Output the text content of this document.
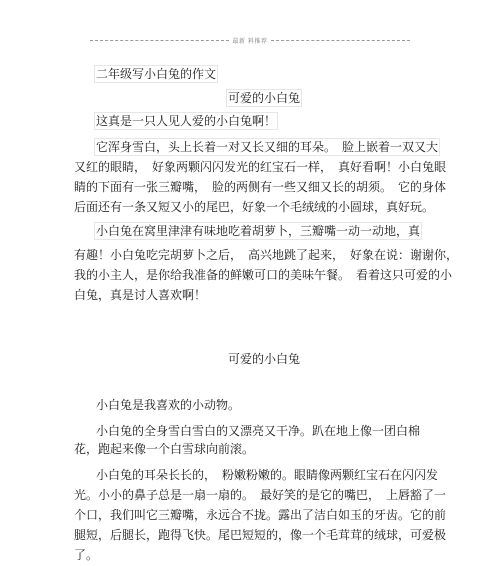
最新 料推荐
二年级写小白兔的作文
可爱的小白兔
这真是一只人见人爱的小白兔啊！
它浑身雪白，头上长着一对又长又细的耳朵。　脸上嵌着一双又大
又红的眼睛，　好象两颗闪闪发光的红宝石一样，　真好看啊！小白兔眼
睛的下面有一张三瓣嘴，　脸的两侧有一些又细又长的胡须。　它的身体
后面还有一条又短又小的尾巴，好象一个毛绒绒的小圆球，真好玩。
小白兔在窝里津津有味地吃着胡萝卜，三瓣嘴一动一动地，真
有趣！小白兔吃完胡萝卜之后，　高兴地跳了起来，　好象在说：谢谢你，
我的小主人，是你给我准备的鲜嫩可口的美味午餐。　看着这只可爱的小
白兔，真是讨人喜欢啊！
可爱的小白兔
小白兔是我喜欢的小动物。
小白兔的全身雪白雪白的又漂亮又干净。趴在地上像一团白棉
花，跑起来像一个白雪球向前滚。
小白兔的耳朵长长的，　粉嫩粉嫩的。眼睛像两颗红宝石在闪闪发
光。小小的鼻子总是一扇一扇的。　最好笑的是它的嘴巴，　上唇豁了一
个口，我们叫它三瓣嘴，永远合不拢。露出了洁白如玉的牙齿。它的前
腿短，后腿长，跑得飞快。尾巴短短的，像一个毛茸茸的绒球，可爱极
了。
